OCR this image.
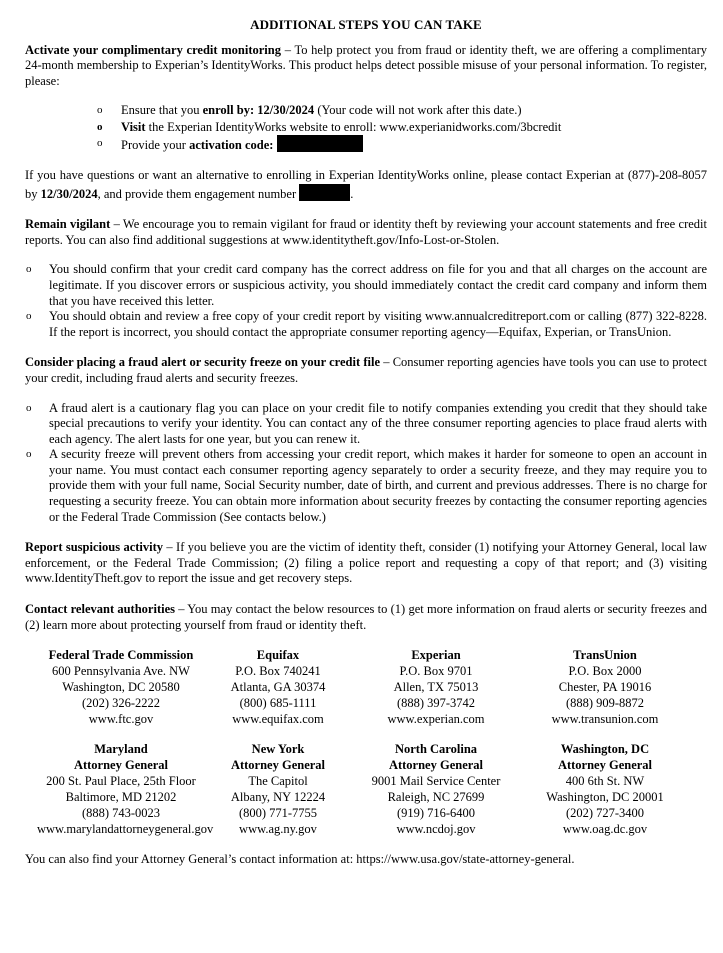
ADDITIONAL STEPS YOU CAN TAKE

Activate your complimentary credit monitoring – To help protect you from fraud or identity theft, we are offering a complimentary 24-month membership to Experian’s IdentityWorks. This product helps detect possible misuse of your personal information. To register, please:

o Ensure that you enroll by: 12/30/2024 (Your code will not work after this date.)
o Visit the Experian IdentityWorks website to enroll: www.experianidworks.com/3bcredit
o Provide your activation code:

If you have questions or want an alternative to enrolling in Experian IdentityWorks online, please contact Experian at (877)-208-8057 by 12/30/2024, and provide them engagement number	.

Remain vigilant – We encourage you to remain vigilant for fraud or identity theft by reviewing your account statements and free credit reports. You can also find additional suggestions at www.identitytheft.gov/Info-Lost-or-Stolen.

o You should confirm that your credit card company has the correct address on file for you and that all charges on the account are legitimate. If you discover errors or suspicious activity, you should immediately contact the credit card company and inform them that you have received this letter.
o You should obtain and review a free copy of your credit report by visiting www.annualcreditreport.com or calling (877) 322-8228. If the report is incorrect, you should contact the appropriate consumer reporting agency—Equifax, Experian, or TransUnion.

Consider placing a fraud alert or security freeze on your credit file – Consumer reporting agencies have tools you can use to protect your credit, including fraud alerts and security freezes.

o A fraud alert is a cautionary flag you can place on your credit file to notify companies extending you credit that they should take special precautions to verify your identity. You can contact any of the three consumer reporting agencies to place fraud alerts with each agency. The alert lasts for one year, but you can renew it.
o A security freeze will prevent others from accessing your credit report, which makes it harder for someone to open an account in your name. You must contact each consumer reporting agency separately to order a security freeze, and they may require you to provide them with your full name, Social Security number, date of birth, and current and previous addresses. There is no charge for requesting a security freeze. You can obtain more information about security freezes by contacting the consumer reporting agencies or the Federal Trade Commission (See contacts below.)

Report suspicious activity – If you believe you are the victim of identity theft, consider (1) notifying your Attorney General, local law enforcement, or the Federal Trade Commission; (2) filing a police report and requesting a copy of that report; and (3) visiting www.IdentityTheft.gov to report the issue and get recovery steps.

Contact relevant authorities – You may contact the below resources to (1) get more information on fraud alerts or security freezes and (2) learn more about protecting yourself from fraud or identity theft.

Federal Trade Commission
600 Pennsylvania Ave. NW
Washington, DC 20580
(202) 326-2222
www.ftc.gov
Equifax
P.O. Box 740241
Atlanta, GA 30374
(800) 685-1111
www.equifax.com
Experian
P.O. Box 9701
Allen, TX 75013
(888) 397-3742
www.experian.com
TransUnion
P.O. Box 2000
Chester, PA 19016
(888) 909-8872
www.transunion.com
Maryland
Attorney General
200 St. Paul Place, 25th Floor
Baltimore, MD 21202
(888) 743-0023
www.marylandattorneygeneral.gov
New York
Attorney General
The Capitol
Albany, NY 12224
(800) 771-7755
www.ag.ny.gov
North Carolina
Attorney General
9001 Mail Service Center
Raleigh, NC 27699
(919) 716-6400
www.ncdoj.gov
Washington, DC
Attorney General
400 6th St. NW
Washington, DC 20001
(202) 727-3400
www.oag.dc.gov

You can also find your Attorney General’s contact information at: https://www.usa.gov/state-attorney-general.
